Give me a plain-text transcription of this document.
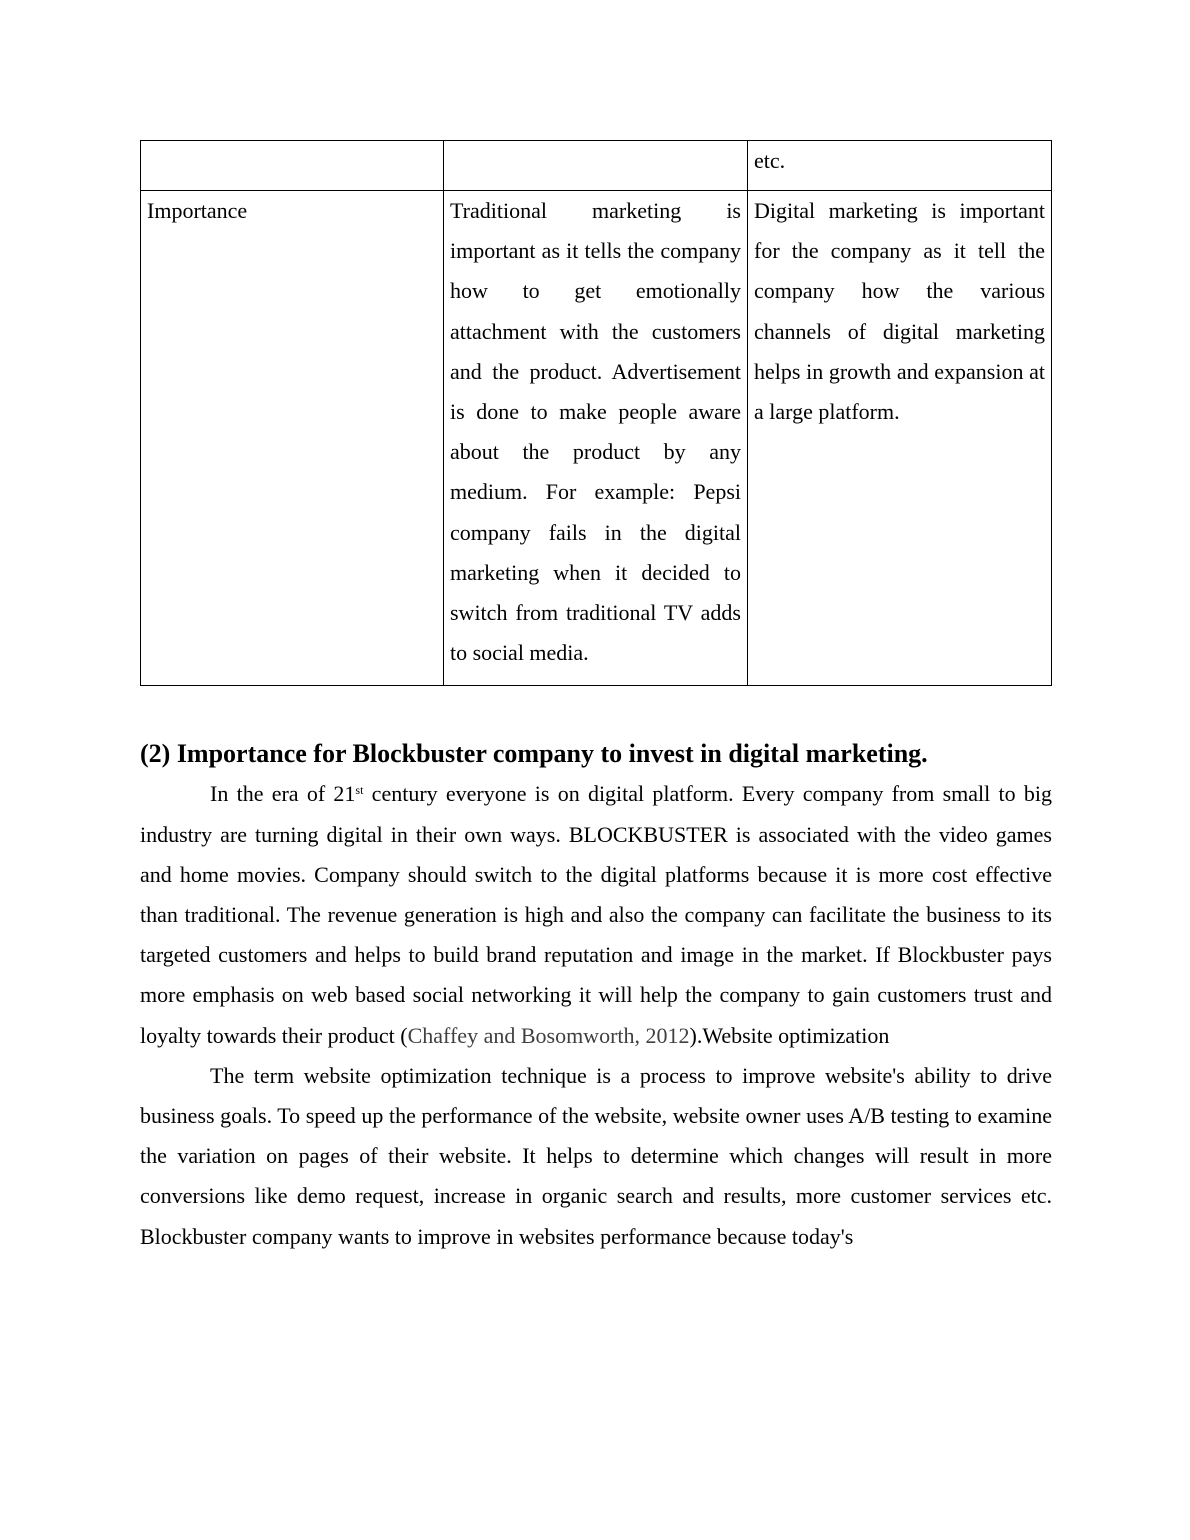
		etc.
Importance	Traditional marketing is important as it tells the company how to get emotionally attachment with the customers and the product. Advertisement is done to make people aware about the product by any medium. For example: Pepsi company fails in the digital marketing when it decided to switch from traditional TV adds to social media.	Digital marketing is important for the company as it tell the company how the various channels of digital marketing helps in growth and expansion at a large platform.
(2) Importance for Blockbuster company to invest in digital marketing.

In the era of 21st century everyone is on digital platform. Every company from small to big industry are turning digital in their own ways. BLOCKBUSTER is associated with the video games and home movies. Company should switch to the digital platforms because it is more cost effective than traditional. The revenue generation is high and also the company can facilitate the business to its targeted customers and helps to build brand reputation and image in the market. If Blockbuster pays more emphasis on web based social networking it will help the company to gain customers trust and loyalty towards their product (Chaffey and Bosomworth, 2012).Website optimization

The term website optimization technique is a process to improve website's ability to drive business goals. To speed up the performance of the website, website owner uses A/B testing to examine the variation on pages of their website. It helps to determine which changes will result in more conversions like demo request, increase in organic search and results, more customer services etc. Blockbuster company wants to improve in websites performance because today's
